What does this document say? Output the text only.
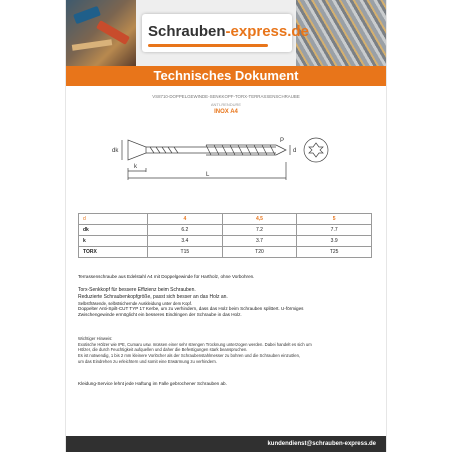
Schrauben-express.de
Technisches Dokument
VS8710-DOPPELGEWINDE-SENKKOPF-TORX-TERRASSENSCHRAUBE
ANTI-RENDURE
INOX A4
dk
k
L
d
P
d	4	4,5	5
dk	6.2	7.2	7.7
k	3.4	3.7	3.9
TORX	T15	T20	T25
Terrassenschraube aus Edelstahl A4 mit Doppelgewinde für Hartholz, ohne Vorbohren.
Torx-Senkkopf für bessere Effizienz beim Schrauben.
Reduzierte Schraubenkopfgröße, passt sich besser an das Holz an.
Selbstfräsende, selbstsichernde Auskleidung unter dem Kopf.
Doppelter Anti-Spilt-CUT TYP 17 Kerbe, um zu verhindern, dass das Holz beim Schrauben splittert. U-förmiges
Zwischengewinde ermöglicht ein besseres Eindringen der Schraube in das Holz.
Wichtiger Hinweis:
Exotische Hölzer wie IPE, Cumaru usw. müssen einer sehr strengen Trocknung unterzogen werden. Dabei handelt es sich um
Hölzer, die durch Feuchtigkeit aufquellen und daher die Befestigungen stark beanspruchen.
Es ist notwendig, 1 bis 2 mm kleinere Vorlöcher als der Schraubenstahlmesser zu bohren und die Schrauben einzuölen,
um das Eindrehen zu erleichtern und somit eine Erwärmung zu verhindern.
Kleidung-Service lehnt jede Haftung im Falle gebrochener Schrauben ab.
kundendienst@schrauben-express.de
